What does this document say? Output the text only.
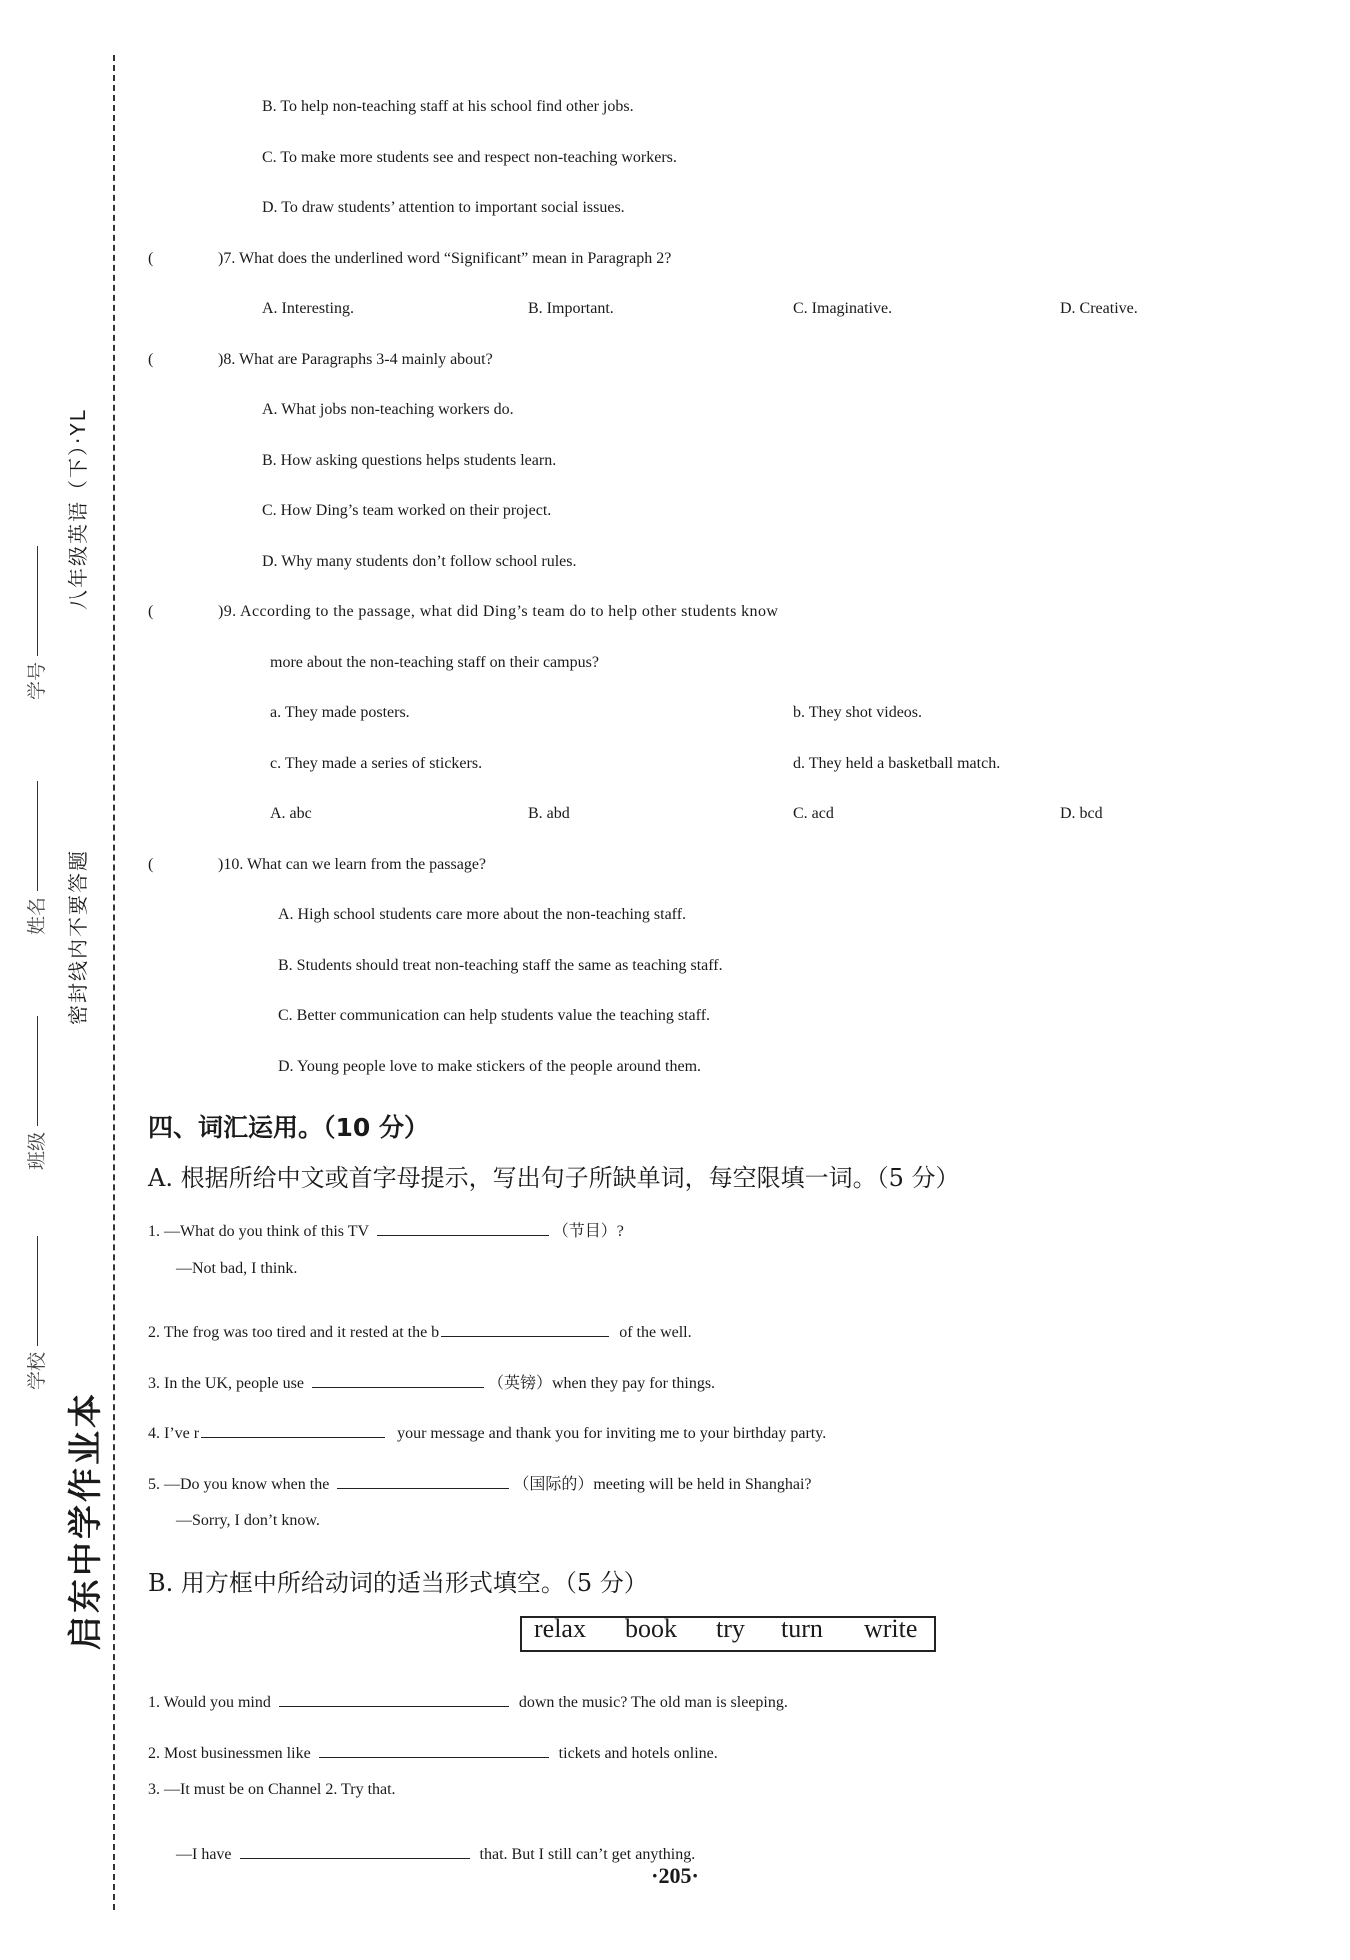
启东中学作业本
密封线内不要答题
八年级英语（下）·YL
学校
班级
姓名
学号
B. To help non-teaching staff at his school find other jobs.
C. To make more students see and respect non-teaching workers.
D. To draw students’ attention to important social issues.
(	)7. What does the underlined word “Significant” mean in Paragraph 2?
A. Interesting.	B. Important.	C. Imaginative.	D. Creative.
(	)8. What are Paragraphs 3-4 mainly about?
A. What jobs non-teaching workers do.
B. How asking questions helps students learn.
C. How Ding’s team worked on their project.
D. Why many students don’t follow school rules.
(	)9. According to the passage, what did Ding’s team do to help other students know
more about the non-teaching staff on their campus?
a. They made posters.	b. They shot videos.
c. They made a series of stickers.	d. They held a basketball match.
A. abc	B. abd	C. acd	D. bcd
(	)10. What can we learn from the passage?
A. High school students care more about the non-teaching staff.
B. Students should treat non-teaching staff the same as teaching staff.
C. Better communication can help students value the teaching staff.
D. Young people love to make stickers of the people around them.
四、词汇运用。（10 分）
A. 根据所给中文或首字母提示，写出句子所缺单词，每空限填一词。（5 分）
1. —What do you think of this TV	（节目）?
—Not bad, I think.
2. The frog was too tired and it rested at the b	of the well.
3. In the UK, people use	（英镑）when they pay for things.
4. I’ve r	your message and thank you for inviting me to your birthday party.
5. —Do you know when the	（国际的）meeting will be held in Shanghai?
—Sorry, I don’t know.
B. 用方框中所给动词的适当形式填空。（5 分）
relax book try turn write
1. Would you mind	down the music? The old man is sleeping.
2. Most businessmen like	tickets and hotels online.
3. —It must be on Channel 2. Try that.
—I have	that. But I still can’t get anything.
·205·
